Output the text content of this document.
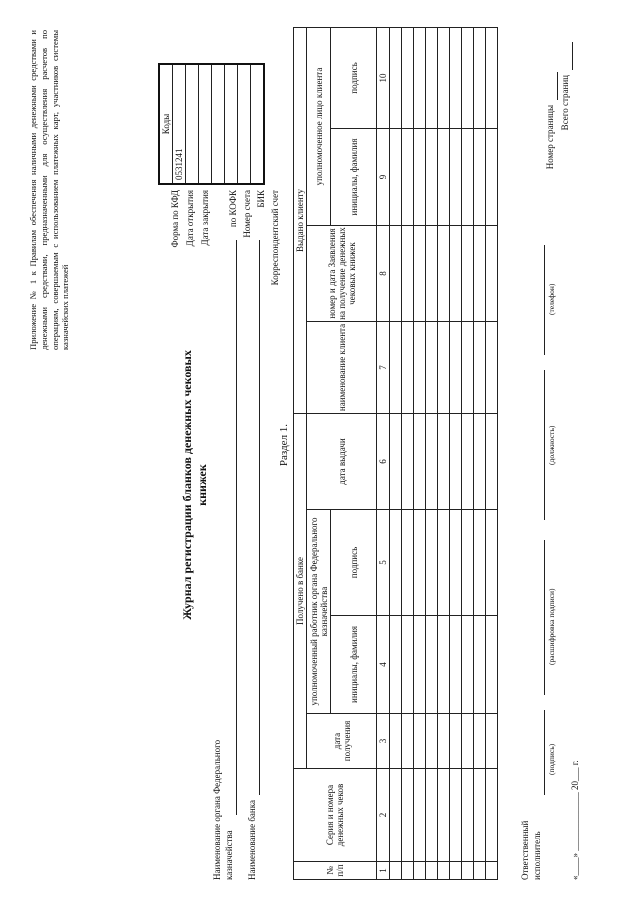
Приложение № 1 к Правилам обеспечения наличными денежными средствами и денежными средствами, предназначенными для осуществления расчетов по операциям, совершаемым с использованием платежных карт, участников системы казначейских платежей
Журнал регистрации бланков денежных чековых книжек
Раздел 1.
Наименование органа Федерального казначейства Наименование банка
Форма по КФД Дата открытия Дата закрытия по КОФК Номер счета БИК Корреспондентский счет
Коды
0531241

№ п/п	Серия и номера денежных чеков	Получено в банке				Выдано клиенту			
		дата получения	уполномоченный работник органа Федерального казначейства		дата выдачи	наименование клиента	номер и дата Заявления на получение денежных чековых книжек	уполномоченное лицо клиента	
			инициалы, фамилия	подпись				инициалы, фамилия	подпись
1	2	3	4	5	6	7	8	9	10

Ответственный исполнитель
(подпись)
(расшифровка подписи)
(должность)
(телефон)
«____» _____________ 20___ г.
Номер страницы
Всего страниц
